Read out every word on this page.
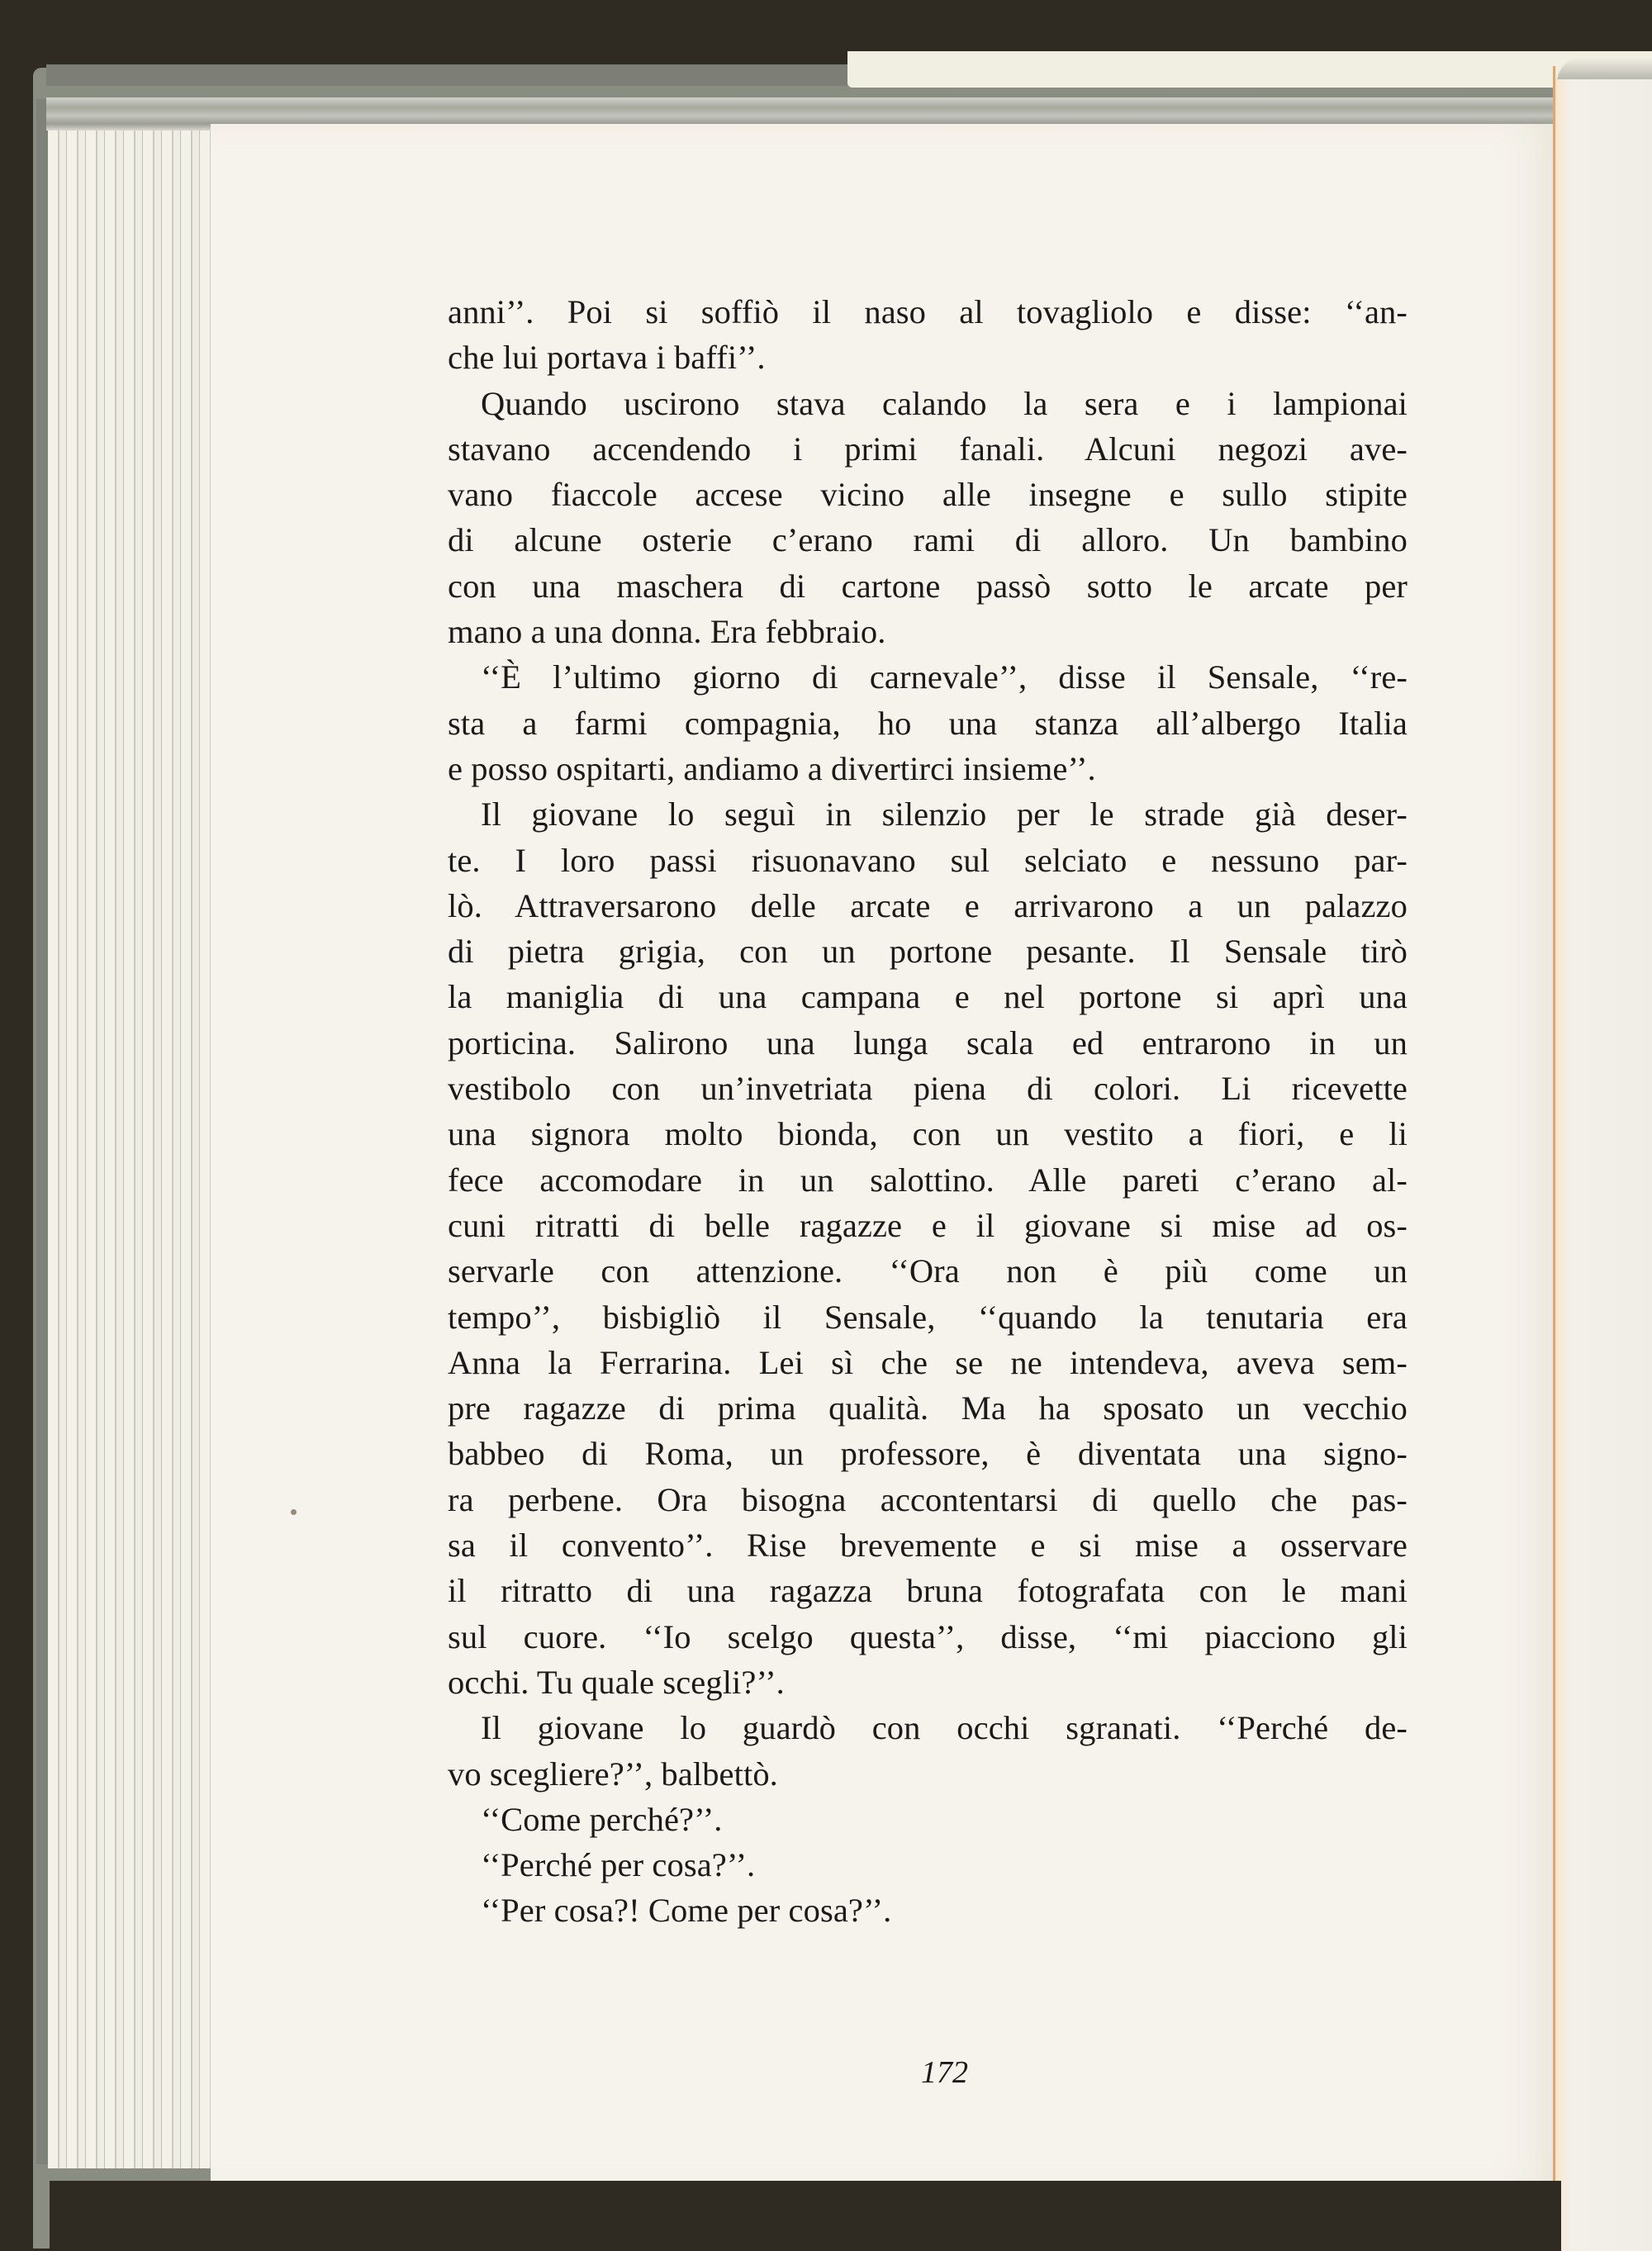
anni’’. Poi si soffiò il naso al tovagliolo e disse: ‘‘an-
che lui portava i baffi’’.
Quando uscirono stava calando la sera e i lampionai
stavano accendendo i primi fanali. Alcuni negozi ave-
vano fiaccole accese vicino alle insegne e sullo stipite
di alcune osterie c’erano rami di alloro. Un bambino
con una maschera di cartone passò sotto le arcate per
mano a una donna. Era febbraio.
‘‘È l’ultimo giorno di carnevale’’, disse il Sensale, ‘‘re-
sta a farmi compagnia, ho una stanza all’albergo Italia
e posso ospitarti, andiamo a divertirci insieme’’.
Il giovane lo seguì in silenzio per le strade già deser-
te. I loro passi risuonavano sul selciato e nessuno par-
lò. Attraversarono delle arcate e arrivarono a un palazzo
di pietra grigia, con un portone pesante. Il Sensale tirò
la maniglia di una campana e nel portone si aprì una
porticina. Salirono una lunga scala ed entrarono in un
vestibolo con un’invetriata piena di colori. Li ricevette
una signora molto bionda, con un vestito a fiori, e li
fece accomodare in un salottino. Alle pareti c’erano al-
cuni ritratti di belle ragazze e il giovane si mise ad os-
servarle con attenzione. ‘‘Ora non è più come un
tempo’’, bisbigliò il Sensale, ‘‘quando la tenutaria era
Anna la Ferrarina. Lei sì che se ne intendeva, aveva sem-
pre ragazze di prima qualità. Ma ha sposato un vecchio
babbeo di Roma, un professore, è diventata una signo-
ra perbene. Ora bisogna accontentarsi di quello che pas-
sa il convento’’. Rise brevemente e si mise a osservare
il ritratto di una ragazza bruna fotografata con le mani
sul cuore. ‘‘Io scelgo questa’’, disse, ‘‘mi piacciono gli
occhi. Tu quale scegli?’’.
Il giovane lo guardò con occhi sgranati. ‘‘Perché de-
vo scegliere?’’, balbettò.
‘‘Come perché?’’.
‘‘Perché per cosa?’’.
‘‘Per cosa?! Come per cosa?’’.
172
